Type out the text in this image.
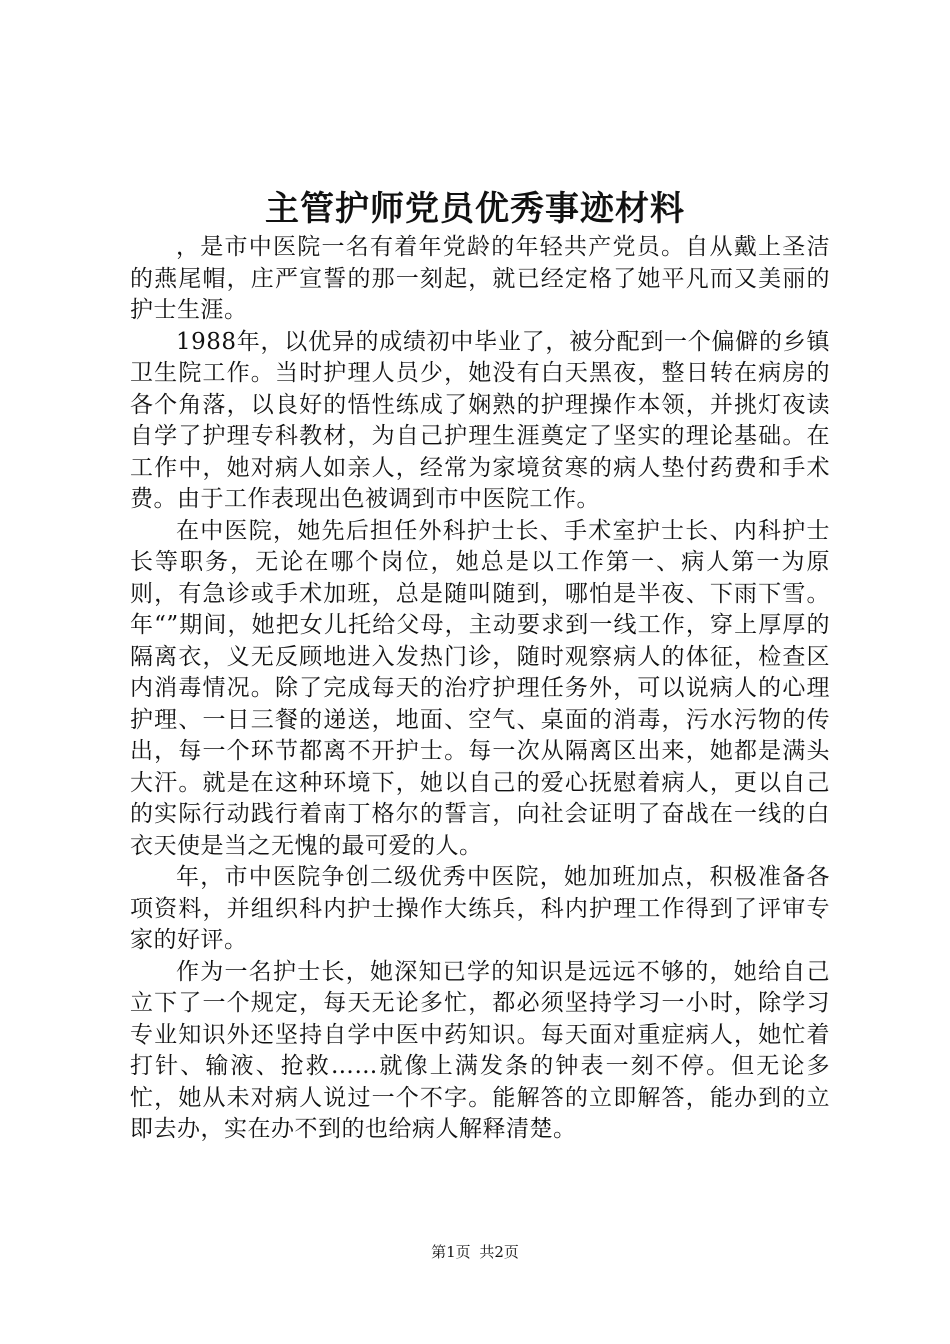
主管护师党员优秀事迹材料

，是市中医院一名有着年党龄的年轻共产党员。自从戴上圣洁的燕尾帽，庄严宣誓的那一刻起，就已经定格了她平凡而又美丽的护士生涯。

1988年，以优异的成绩初中毕业了，被分配到一个偏僻的乡镇卫生院工作。当时护理人员少，她没有白天黑夜，整日转在病房的各个角落，以良好的悟性练成了娴熟的护理操作本领，并挑灯夜读自学了护理专科教材，为自己护理生涯奠定了坚实的理论基础。在工作中，她对病人如亲人，经常为家境贫寒的病人垫付药费和手术费。由于工作表现出色被调到市中医院工作。

在中医院，她先后担任外科护士长、手术室护士长、内科护士长等职务，无论在哪个岗位，她总是以工作第一、病人第一为原则，有急诊或手术加班，总是随叫随到，哪怕是半夜、下雨下雪。年“”期间，她把女儿托给父母，主动要求到一线工作，穿上厚厚的隔离衣，义无反顾地进入发热门诊，随时观察病人的体征，检查区内消毒情况。除了完成每天的治疗护理任务外，可以说病人的心理护理、一日三餐的递送，地面、空气、桌面的消毒，污水污物的传出，每一个环节都离不开护士。每一次从隔离区出来，她都是满头大汗。就是在这种环境下，她以自己的爱心抚慰着病人，更以自己的实际行动践行着南丁格尔的誓言，向社会证明了奋战在一线的白衣天使是当之无愧的最可爱的人。

年，市中医院争创二级优秀中医院，她加班加点，积极准备各项资料，并组织科内护士操作大练兵，科内护理工作得到了评审专家的好评。

作为一名护士长，她深知已学的知识是远远不够的，她给自己立下了一个规定，每天无论多忙，都必须坚持学习一小时，除学习专业知识外还坚持自学中医中药知识。每天面对重症病人，她忙着打针、输液、抢救……就像上满发条的钟表一刻不停。但无论多忙，她从未对病人说过一个不字。能解答的立即解答，能办到的立即去办，实在办不到的也给病人解释清楚。

第1页 共2页
